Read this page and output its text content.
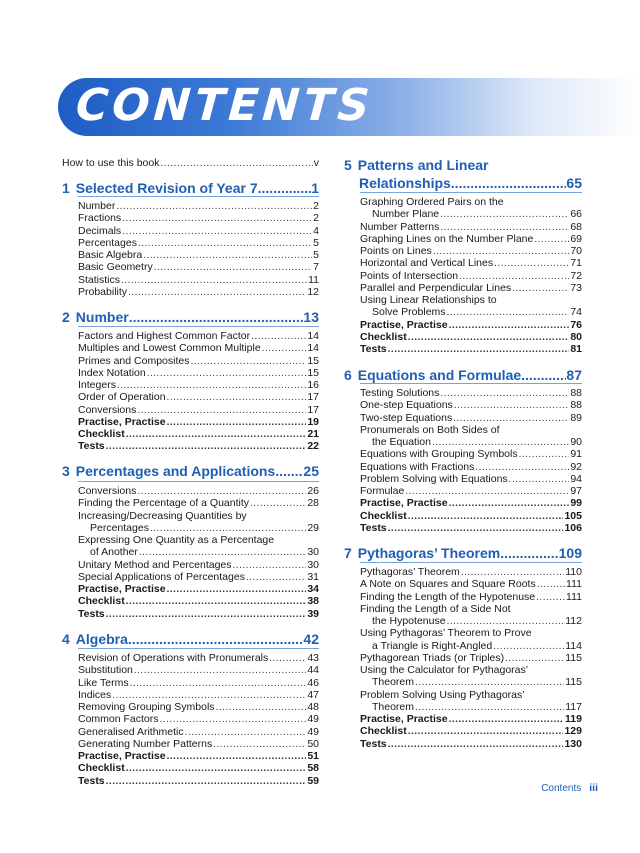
CONTENTS
How to use this book .....	v
1 Selected Revision of Year 7 .....	1
Number .....	2
Fractions .....	2
Decimals .....	4
Percentages .....	5
Basic Algebra .....	5
Basic Geometry .....	7
Statistics .....	11
Probability .....	12
2 Number .....	13
Factors and Highest Common Factor .....	14
Multiples and Lowest Common Multiple .....	14
Primes and Composites .....	15
Index Notation .....	15
Integers .....	16
Order of Operation .....	17
Conversions .....	17
Practise, Practise .....	19
Checklist .....	21
Tests .....	22
3 Percentages and Applications ..... 25
Conversions .....	26
Finding the Percentage of a Quantity .....	28
Increasing/Decreasing Quantities by
Percentages .....	29
Expressing One Quantity as a Percentage
of Another .....	30
Unitary Method and Percentages .....	30
Special Applications of Percentages .....	31
Practise, Practise .....	34
Checklist .....	38
Tests .....	39
4 Algebra .....	42
Revision of Operations with Pronumerals .....	43
Substitution .....	44
Like Terms .....	46
Indices .....	47
Removing Grouping Symbols .....	48
Common Factors .....	49
Generalised Arithmetic .....	49
Generating Number Patterns .....	50
Practise, Practise .....	51
Checklist .....	58
Tests .....	59
5 Patterns and Linear
Relationships .....	65
Graphing Ordered Pairs on the
Number Plane .....	66
Number Patterns .....	68
Graphing Lines on the Number Plane .....	69
Points on Lines .....	70
Horizontal and Vertical Lines .....	71
Points of Intersection .....	72
Parallel and Perpendicular Lines .....	73
Using Linear Relationships to
Solve Problems .....	74
Practise, Practise .....	76
Checklist .....	80
Tests .....	81
6 Equations and Formulae .....	87
Testing Solutions .....	88
One-step Equations .....	88
Two-step Equations .....	89
Pronumerals on Both Sides of
the Equation .....	90
Equations with Grouping Symbols .....	91
Equations with Fractions .....	92
Problem Solving with Equations .....	94
Formulae .....	97
Practise, Practise .....	99
Checklist .....	105
Tests .....	106
7 Pythagoras’ Theorem .....	109
Pythagoras’ Theorem .....	110
A Note on Squares and Square Roots .....	111
Finding the Length of the Hypotenuse .....	111
Finding the Length of a Side Not
the Hypotenuse .....	112
Using Pythagoras’ Theorem to Prove
a Triangle is Right-Angled .....	114
Pythagorean Triads (or Triples) .....	115
Using the Calculator for Pythagoras’
Theorem .....	115
Problem Solving Using Pythagoras’
Theorem .....	117
Practise, Practise .....	119
Checklist .....	129
Tests .....	130
Contents iii
